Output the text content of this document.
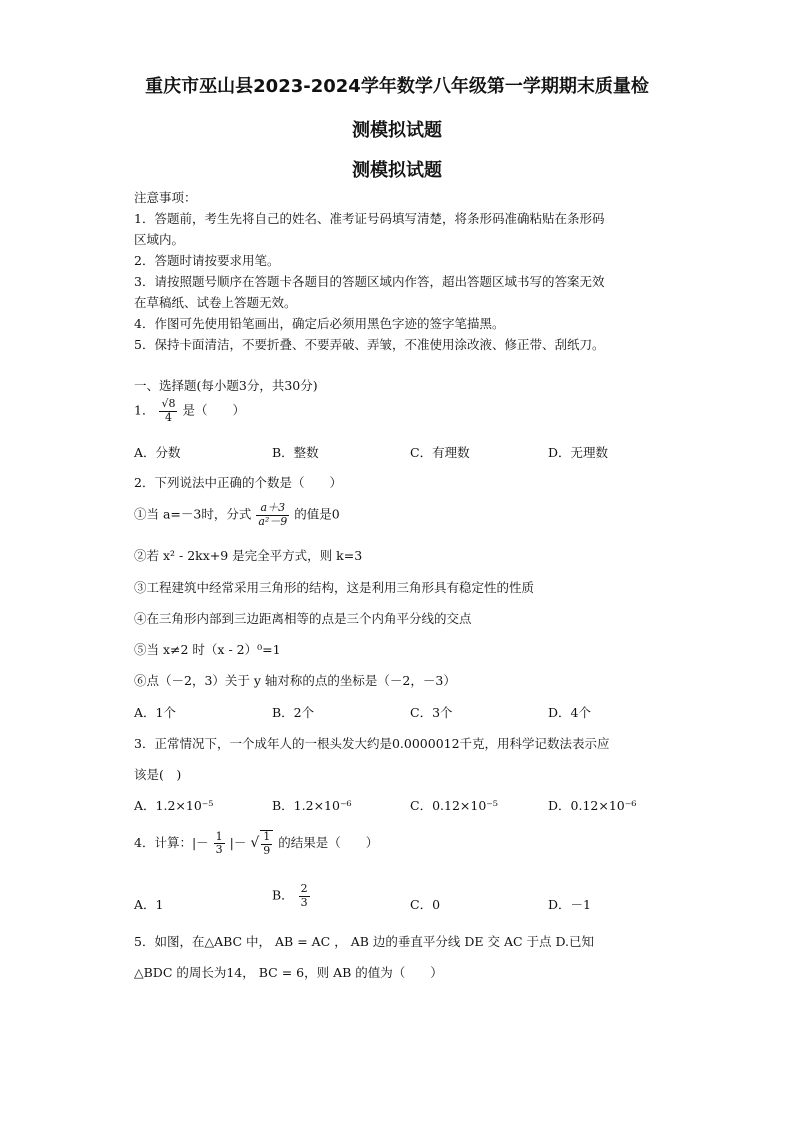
重庆市巫山县2023-2024学年数学八年级第一学期期末质量检
测模拟试题
测模拟试题
注意事项：
1．答题前，考生先将自己的姓名、准考证号码填写清楚，将条形码准确粘贴在条形码
区域内。
2．答题时请按要求用笔。
3．请按照题号顺序在答题卡各题目的答题区域内作答，超出答题区域书写的答案无效
在草稿纸、试卷上答题无效。
4．作图可先使用铅笔画出，确定后必须用黑色字迹的签字笔描黑。
5．保持卡面清洁，不要折叠、不要弄破、弄皱，不准使用涂改液、修正带、刮纸刀。
一、选择题(每小题3分，共30分)
1． $\frac{√8}{4}$ 是（　　）
A．分数	B．整数	C．有理数	D．无理数
2．下列说法中正确的个数是（　　）
①当 a=－3时，分式 $\frac{a+3}{\text{a²－9}}$ 的值是0
②若 x² - 2kx+9 是完全平方式，则 k=3
③工程建筑中经常采用三角形的结构，这是利用三角形具有稳定性的性质
④在三角形内部到三边距离相等的点是三个内角平分线的交点
⑤当 x≠2 时（x - 2）⁰=1
⑥点（－2，3）关于 y 轴对称的点的坐标是（－2，－3）
A．1个	B．2个	C．3个	D．4个
3．正常情况下，一个成年人的一根头发大约是0.0000012千克，用科学记数法表示应
该是(　)
A．1.2×10⁻⁵	B．1.2×10⁻⁶	C．0.12×10⁻⁵	D．0.12×10⁻⁶
4．计算：|－ $\frac{1}{3}$ |－ √ $\frac{1}{9}$ 的结果是（　　）
A．1
B． $\frac{2}{3}$	C．0	D．－1
5．如图，在△ABC 中， AB = AC ， AB 边的垂直平分线 DE 交 AC 于点 D.已知
△BDC 的周长为14， BC = 6，则 AB 的值为（　　）
